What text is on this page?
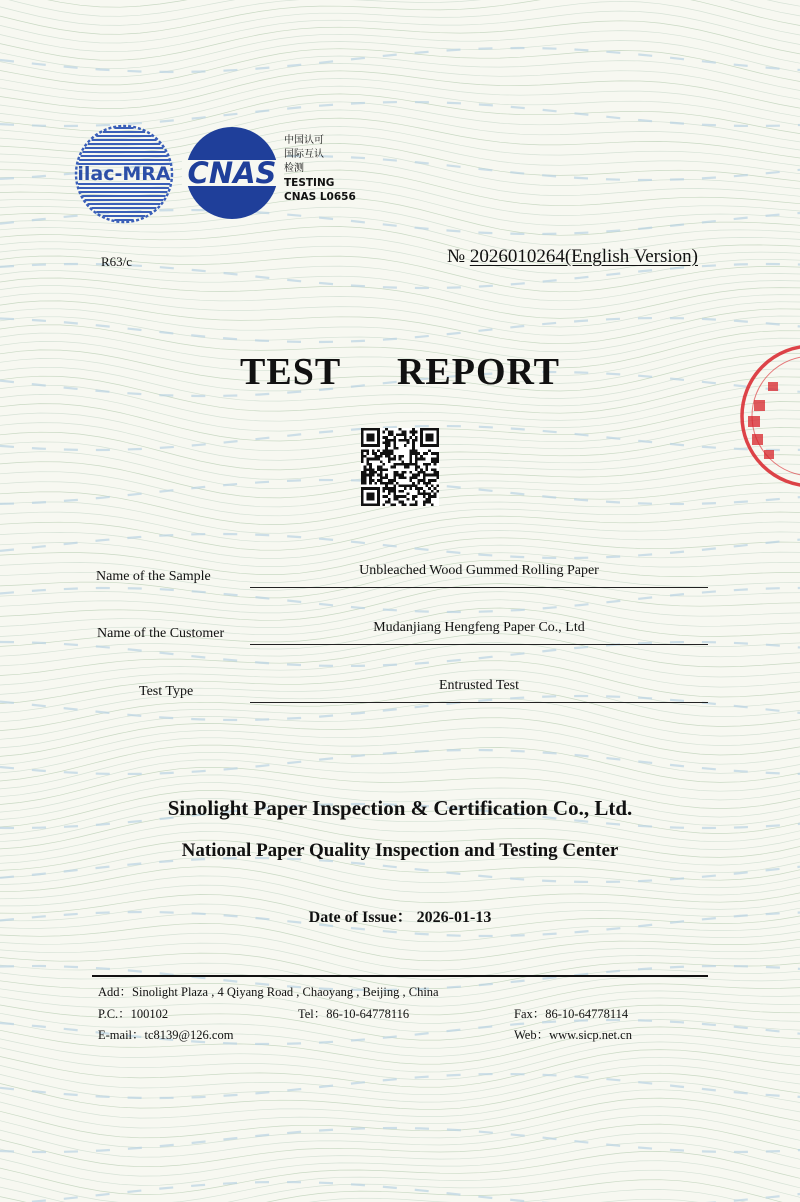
ilac-MRA CNAS
中国认可
国际互认
检测
TESTING
CNAS L0656
R63/c	№ 2026010264(English Version)
TEST REPORT
Name of the Sample	Unbleached Wood Gummed Rolling Paper
Name of the Customer	Mudanjiang Hengfeng Paper Co., Ltd
Test Type	Entrusted Test
Sinolight Paper Inspection & Certification Co., Ltd.
National Paper Quality Inspection and Testing Center
Date of Issue： 2026-01-13
Add：Sinolight Plaza , 4 Qiyang Road , Chaoyang , Beijing , China
P.C.：100102	Tel：86-10-64778116	Fax：86-10-64778114
E-mail：tc8139@126.com	Web：www.sicp.net.cn
